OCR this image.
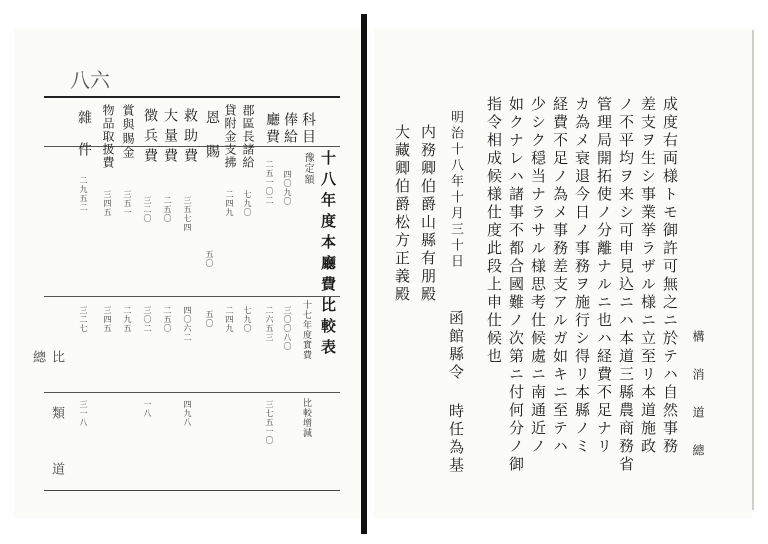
八六
十八年度本廳費比較表
豫定額
十七年度實費
比較增減
科目
俸給
四〇九〇
三〇〇八〇
廳費
二五一〇二
二六五三
三七五一〇
郡區長諸給
七九〇
七九〇
貸附金支拂
二四九
二四九
恩賜
五〇
五〇
救助費
三五七四
四〇六二
四九八
大量費
二五〇
二五〇
徴兵費
三二〇
三〇二
一八
賞與賜金
三五一
二九五
物品取扱費
三四五
三四五
雜件
二九五二
三二七
三一八
比 類 道 總	成度右両様トモ御許可無之ニ於テハ自然事務
差支ヲ生シ事業挙ラザル様ニ立至リ本道施政
ノ不平均ヲ来シ可申見込ニハ本道三縣農商務省
管理局開拓使ノ分離ナルニ也ハ経費不足ナリ
カ為メ衰退今日ノ事務ヲ施行シ得リ本縣ノミ
経費不足ノ為メ事務差支アルガ如キニ至テハ
少シク穏当ナラサル様思考仕候處ニ南通近ノ
如クナレハ諸事不都合國難ノ次第ニ付何分ノ御
指令相成候様仕度此段上申仕候也
明治十八年十月三十日
函館縣令 時任為基
内務卿伯爵山縣有朋殿
大藏卿伯爵松方正義殿
構 消 道 總
